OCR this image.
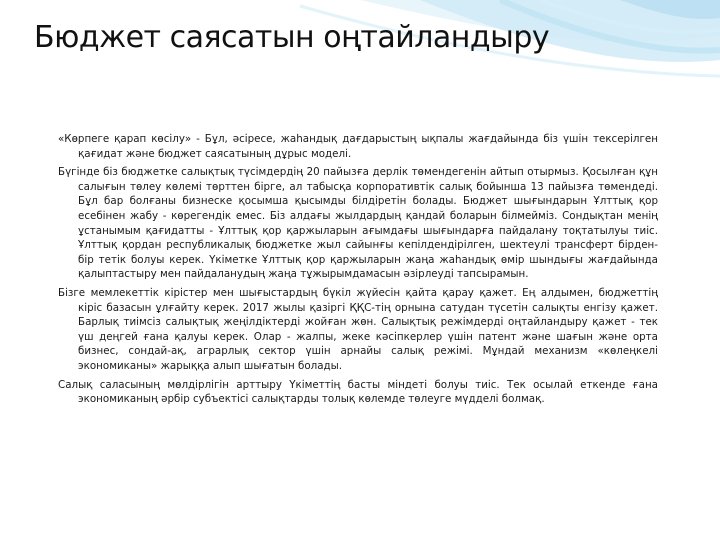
Бюджет саясатын оңтайландыру

«Көрпеге қарап көсілу» - Бұл, әсіресе, жаһандық дағдарыстың ықпалы жағдайында біз үшін тексерілген қағидат және бюджет саясатының дұрыс моделі.

Бүгінде біз бюджетке салықтық түсімдердің 20 пайызға дерлік төмендегенін айтып отырмыз. Қосылған құн салығын төлеу көлемі төрттен бірге, ал табысқа корпоративтік салық бойынша 13 пайызға төмендеді. Бұл бар болғаны бизнеске қосымша қысымды білдіретін болады. Бюджет шығындарын Ұлттық қор есебінен жабу - көрегендік емес. Біз алдағы жылдардың қандай боларын білмейміз. Сондықтан менің ұстанымым қағидатты - Ұлттық қор қаржыларын ағымдағы шығындарға пайдалану тоқтатылуы тиіс. Ұлттық қордан республикалық бюджетке жыл сайынғы кепілдендірілген, шектеулі трансферт бірден-бір тетік болуы керек. Үкіметке Ұлттық қор қаржыларын жаңа жаһандық өмір шындығы жағдайында қалыптастыру мен пайдаланудың жаңа тұжырымдамасын әзірлеуді тапсырамын.

Бізге мемлекеттік кірістер мен шығыстардың бүкіл жүйесін қайта қарау қажет. Ең алдымен, бюджеттің кіріс базасын ұлғайту керек. 2017 жылы қазіргі ҚҚС-тің орнына сатудан түсетін салықты енгізу қажет. Барлық тиімсіз салықтық жеңілдіктерді жойған жөн. Салықтық режімдерді оңтайландыру қажет - тек үш деңгей ғана қалуы керек. Олар - жалпы, жеке кәсіпкерлер үшін патент және шағын және орта бизнес, сондай-ақ, аграрлық сектор үшін арнайы салық режімі. Мұндай механизм «көлеңкелі экономиканы» жарыққа алып шығатын болады.

Салық саласының мөлдірлігін арттыру Үкіметтің басты міндеті болуы тиіс. Тек осылай еткенде ғана экономиканың әрбір субъектісі салықтарды толық көлемде төлеуге мүдделі болмақ.
